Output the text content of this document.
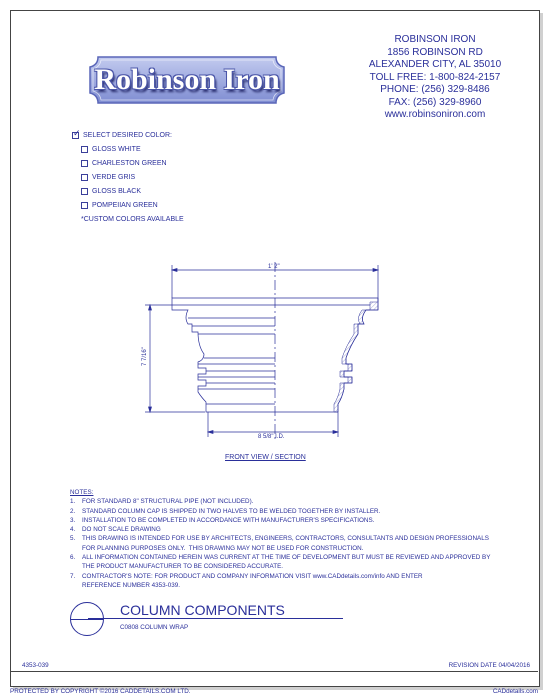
Robinson Iron
ROBINSON IRON
1856 ROBINSON RD
ALEXANDER CITY, AL 35010
TOLL FREE: 1-800-824-2157
PHONE: (256) 329-8486
FAX: (256) 329-8960
www.robinsoniron.com
✓ SELECT DESIRED COLOR:
GLOSS WHITE
CHARLESTON GREEN
VERDE GRIS
GLOSS BLACK
POMPEIIAN GREEN
*CUSTOM COLORS AVAILABLE
1' 2"
7 7/16"
8 5/8" I.D.
FRONT VIEW / SECTION
NOTES:
1.	FOR STANDARD 8" STRUCTURAL PIPE (NOT INCLUDED).
2.	STANDARD COLUMN CAP IS SHIPPED IN TWO HALVES TO BE WELDED TOGETHER BY INSTALLER.
3.	INSTALLATION TO BE COMPLETED IN ACCORDANCE WITH MANUFACTURER'S SPECIFICATIONS.
4.	DO NOT SCALE DRAWING
5.	THIS DRAWING IS INTENDED FOR USE BY ARCHITECTS, ENGINEERS, CONTRACTORS, CONSULTANTS AND DESIGN PROFESSIONALS
FOR PLANNING PURPOSES ONLY.  THIS DRAWING MAY NOT BE USED FOR CONSTRUCTION.
6.	ALL INFORMATION CONTAINED HEREIN WAS CURRENT AT THE TIME OF DEVELOPMENT BUT MUST BE REVIEWED AND APPROVED BY
THE PRODUCT MANUFACTURER TO BE CONSIDERED ACCURATE.
7.	CONTRACTOR'S NOTE: FOR PRODUCT AND COMPANY INFORMATION VISIT www.CADdetails.com/info AND ENTER
REFERENCE NUMBER 4353-039.
COLUMN COMPONENTS
C0808 COLUMN WRAP
4353-039	REVISION DATE 04/04/2016
PROTECTED BY COPYRIGHT ©2016 CADDETAILS.COM LTD.	CADdetails.com
